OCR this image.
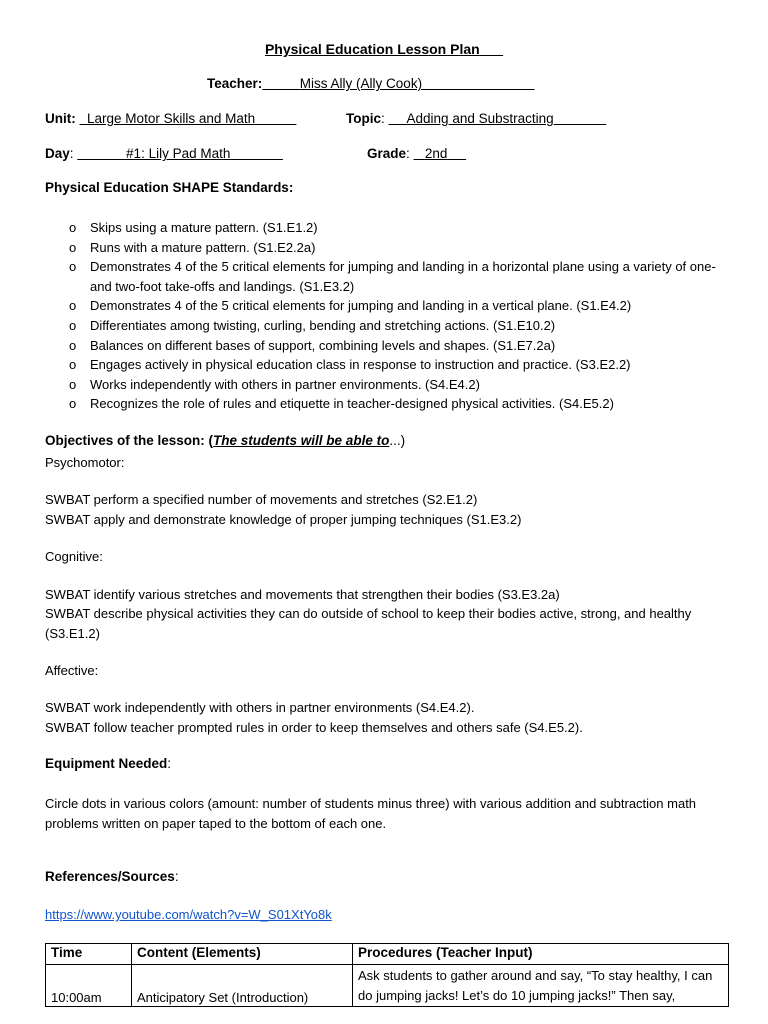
Physical Education Lesson Plan___
Teacher:	Miss Ally (Ally Cook)
Unit: Large Motor Skills and Math	Topic:      Adding and Substracting
Day:	#1: Lily Pad Math	Grade:    2nd
Physical Education SHAPE Standards:
o Skips using a mature pattern. (S1.E1.2)
o Runs with a mature pattern. (S1.E2.2a)
o Demonstrates 4 of the 5 critical elements for jumping and landing in a horizontal plane using a variety of one- and two-foot take-offs and landings. (S1.E3.2)
o Demonstrates 4 of the 5 critical elements for jumping and landing in a vertical plane. (S1.E4.2)
o Differentiates among twisting, curling, bending and stretching actions. (S1.E10.2)
o Balances on different bases of support, combining levels and shapes. (S1.E7.2a)
o Engages actively in physical education class in response to instruction and practice. (S3.E2.2)
o Works independently with others in partner environments. (S4.E4.2)
o Recognizes the role of rules and etiquette in teacher-designed physical activities. (S4.E5.2)
Objectives of the lesson: (The students will be able to...)
Psychomotor:
SWBAT perform a specified number of movements and stretches (S2.E1.2)
SWBAT apply and demonstrate knowledge of proper jumping techniques (S1.E3.2)
Cognitive:
SWBAT identify various stretches and movements that strengthen their bodies (S3.E3.2a)
SWBAT describe physical activities they can do outside of school to keep their bodies active, strong, and healthy (S3.E1.2)
Affective:
SWBAT work independently with others in partner environments (S4.E4.2).
SWBAT follow teacher prompted rules in order to keep themselves and others safe (S4.E5.2).
Equipment Needed:
Circle dots in various colors (amount: number of students minus three) with various addition and subtraction math problems written on paper taped to the bottom of each one.
References/Sources:
https://www.youtube.com/watch?v=W_S01XtYo8k
Time	Content (Elements)	Procedures (Teacher Input)
10:00am	Anticipatory Set (Introduction)	Ask students to gather around and say, “To stay healthy, I can do jumping jacks! Let’s do 10 jumping jacks!” Then say,
